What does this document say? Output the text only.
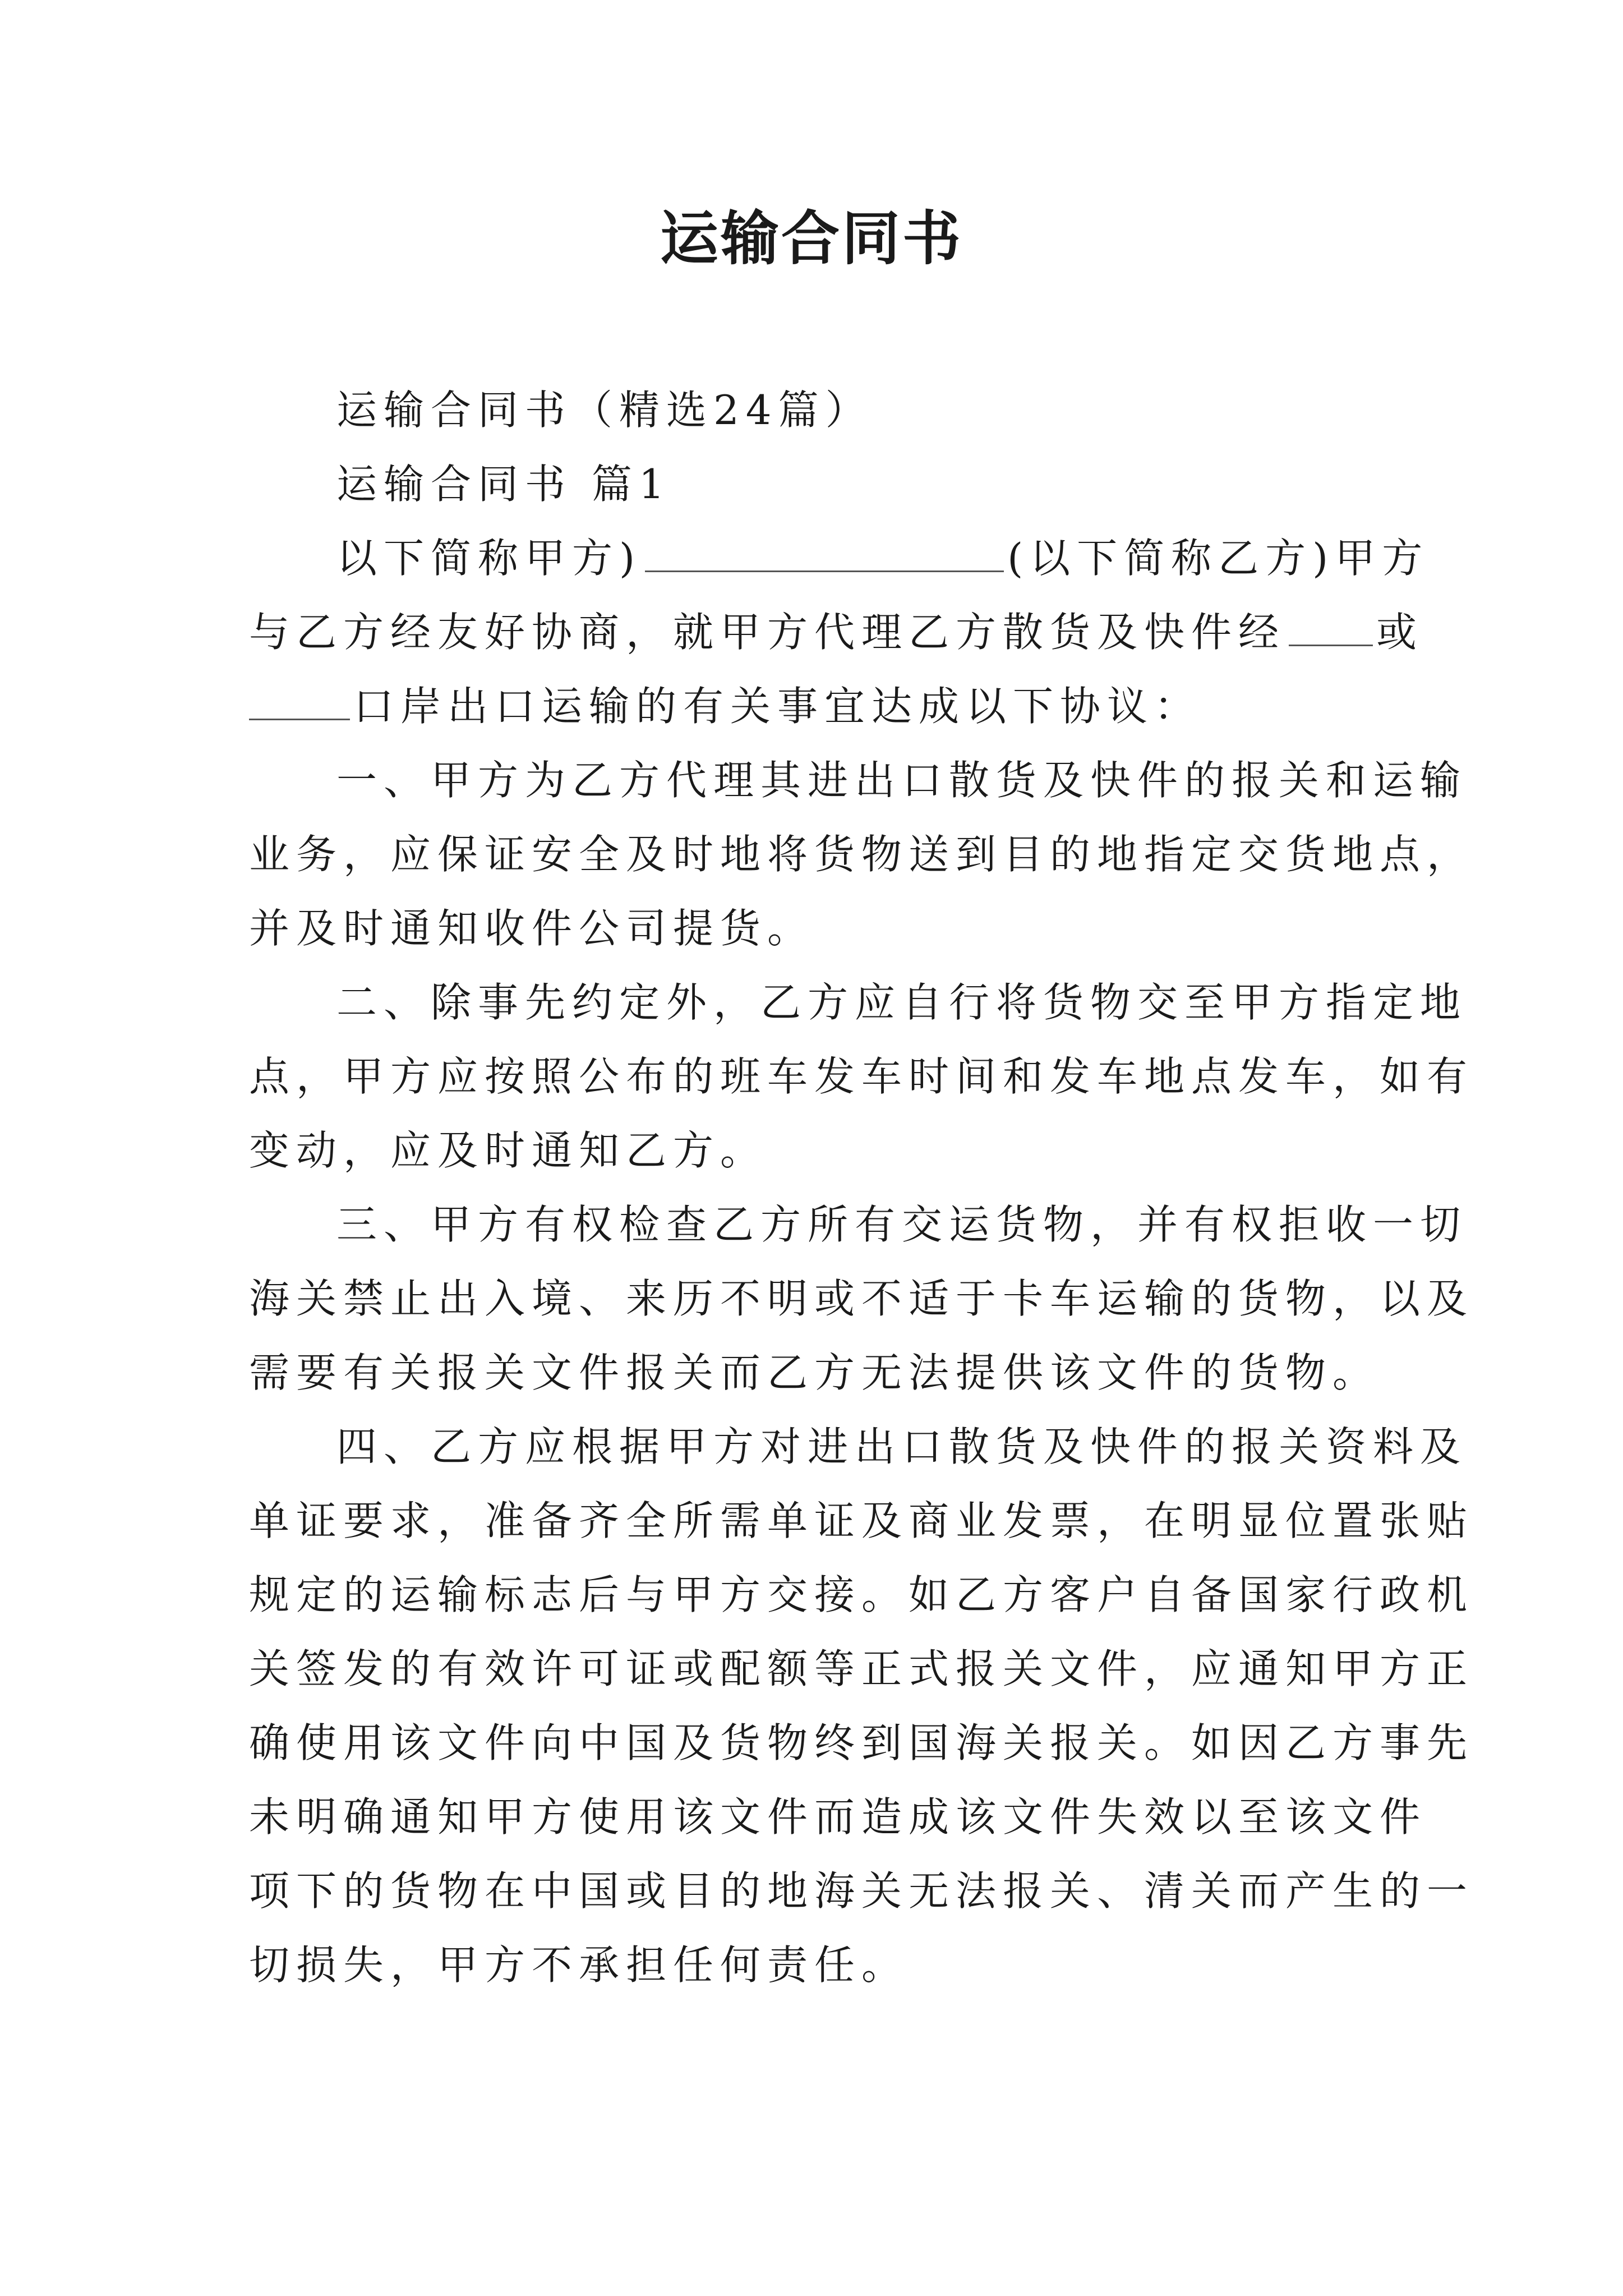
运输合同书
运输合同书（精选24篇）
运输合同书 篇1
以下简称甲方)	(以下简称乙方)甲方
与乙方经友好协商，就甲方代理乙方散货及快件经 或
口岸出口运输的有关事宜达成以下协议：
一、甲方为乙方代理其进出口散货及快件的报关和运输
业务，应保证安全及时地将货物送到目的地指定交货地点，
并及时通知收件公司提货。
二、除事先约定外，乙方应自行将货物交至甲方指定地
点，甲方应按照公布的班车发车时间和发车地点发车，如有
变动，应及时通知乙方。
三、甲方有权检查乙方所有交运货物，并有权拒收一切
海关禁止出入境、来历不明或不适于卡车运输的货物，以及
需要有关报关文件报关而乙方无法提供该文件的货物。
四、乙方应根据甲方对进出口散货及快件的报关资料及
单证要求，准备齐全所需单证及商业发票，在明显位置张贴
规定的运输标志后与甲方交接。如乙方客户自备国家行政机
关签发的有效许可证或配额等正式报关文件，应通知甲方正
确使用该文件向中国及货物终到国海关报关。如因乙方事先
未明确通知甲方使用该文件而造成该文件失效以至该文件
项下的货物在中国或目的地海关无法报关、清关而产生的一
切损失，甲方不承担任何责任。
